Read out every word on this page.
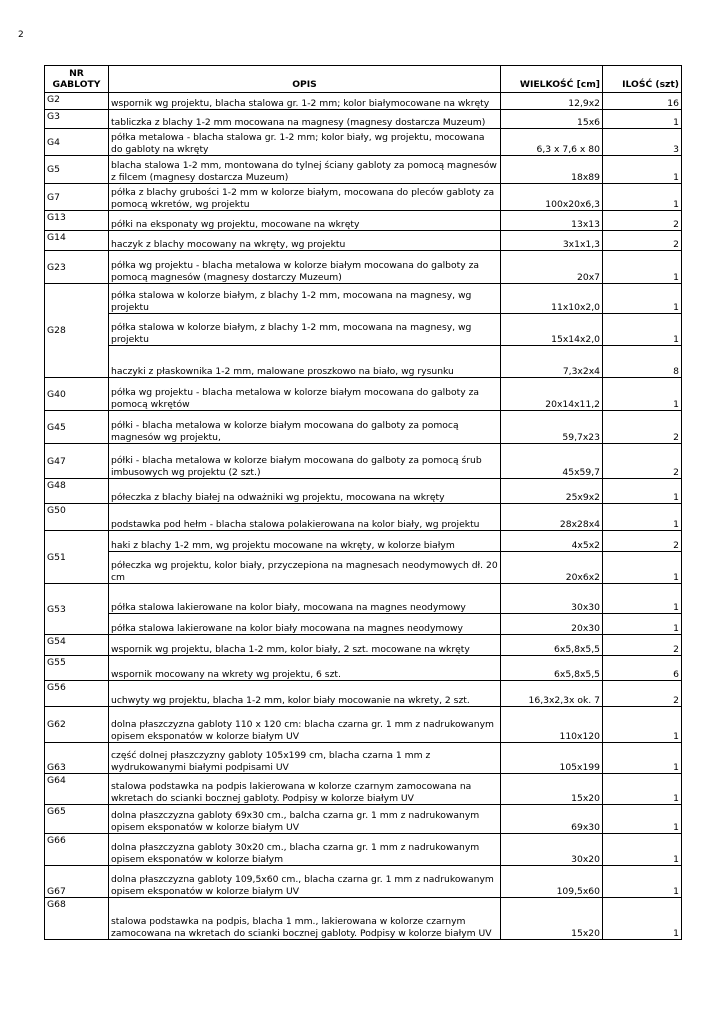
2
NR GABLOTY	OPIS	WIELKOŚĆ [cm]	ILOŚĆ (szt)
G2	wspornik wg projektu, blacha stalowa gr. 1-2 mm; kolor białymocowane na wkręty	12,9x2	16
G3	tabliczka z blachy 1-2 mm mocowana na magnesy (magnesy dostarcza Muzeum)	15x6	1
G4	półka metalowa - blacha stalowa gr. 1-2 mm; kolor biały, wg projektu, mocowana do gabloty na wkręty	6,3 x 7,6 x 80	3
G5	blacha stalowa 1-2 mm, montowana do tylnej ściany gabloty za pomocą magnesów z filcem (magnesy dostarcza Muzeum)	18x89	1
G7	półka z blachy grubości 1-2 mm w kolorze białym, mocowana do pleców gabloty za pomocą wkretów, wg projektu	100x20x6,3	1
G13	półki na eksponaty wg projektu, mocowane na wkręty	13x13	2
G14	haczyk z blachy mocowany na wkręty, wg projektu	3x1x1,3	2
G23	półka wg projektu - blacha metalowa w kolorze białym mocowana do galboty za pomocą magnesów (magnesy dostarczy Muzeum)	20x7	1
G28	półka stalowa w kolorze białym, z blachy 1-2 mm, mocowana na magnesy, wg projektu	11x10x2,0	1
	półka stalowa w kolorze białym, z blachy 1-2 mm, mocowana na magnesy, wg projektu	15x14x2,0	1
	haczyki z płaskownika 1-2 mm, malowane proszkowo na biało, wg rysunku	7,3x2x4	8
G40	półka wg projektu - blacha metalowa w kolorze białym mocowana do galboty za pomocą wkrętów	20x14x11,2	1
G45	półki - blacha metalowa w kolorze białym mocowana do galboty za pomocą magnesów wg projektu,	59,7x23	2
G47	półki - blacha metalowa w kolorze białym mocowana do galboty za pomocą śrub imbusowych wg projektu (2 szt.)	45x59,7	2
G48	półeczka z blachy białej na odważniki wg projektu, mocowana na wkręty	25x9x2	1
G50	podstawka pod hełm - blacha stalowa polakierowana na kolor biały, wg projektu	28x28x4	1
G51	haki z blachy 1-2 mm, wg projektu mocowane na wkręty, w kolorze białym	4x5x2	2
	półeczka wg projektu, kolor biały, przyczepiona na magnesach neodymowych dł. 20 cm	20x6x2	1
G53	półka stalowa lakierowane na kolor biały, mocowana na magnes neodymowy	30x30	1
	półka stalowa lakierowane na kolor biały mocowana na magnes neodymowy	20x30	1
G54	wspornik wg projektu, blacha 1-2 mm, kolor biały, 2 szt. mocowane na wkręty	6x5,8x5,5	2
G55	wspornik mocowany na wkrety wg projektu, 6 szt.	6x5,8x5,5	6
G56	uchwyty wg projektu, blacha 1-2 mm, kolor biały mocowanie na wkrety, 2 szt.	16,3x2,3x ok. 7	2
G62	dolna płaszczyzna gabloty 110 x 120 cm: blacha czarna gr. 1 mm z nadrukowanym opisem eksponatów w kolorze białym UV	110x120	1
G63	część dolnej płaszczyzny gabloty 105x199 cm, blacha czarna 1 mm z wydrukowanymi białymi podpisami UV	105x199	1
G64	stalowa podstawka na podpis lakierowana w kolorze czarnym zamocowana na wkretach do scianki bocznej gabloty. Podpisy w kolorze białym UV	15x20	1
G65	dolna płaszczyzna gabloty 69x30 cm., balcha czarna gr. 1 mm z nadrukowanym opisem eksponatów w kolorze białym UV	69x30	1
G66	dolna płaszczyzna gabloty 30x20 cm., blacha czarna gr. 1 mm z nadrukowanym opisem eksponatów w kolorze białym	30x20	1
G67	dolna płaszczyzna gabloty 109,5x60 cm., blacha czarna gr. 1 mm z nadrukowanym opisem eksponatów w kolorze białym UV	109,5x60	1
G68	stalowa podstawka na podpis, blacha 1 mm., lakierowana w kolorze czarnym zamocowana na wkretach do scianki bocznej gabloty. Podpisy w kolorze białym UV	15x20	1
